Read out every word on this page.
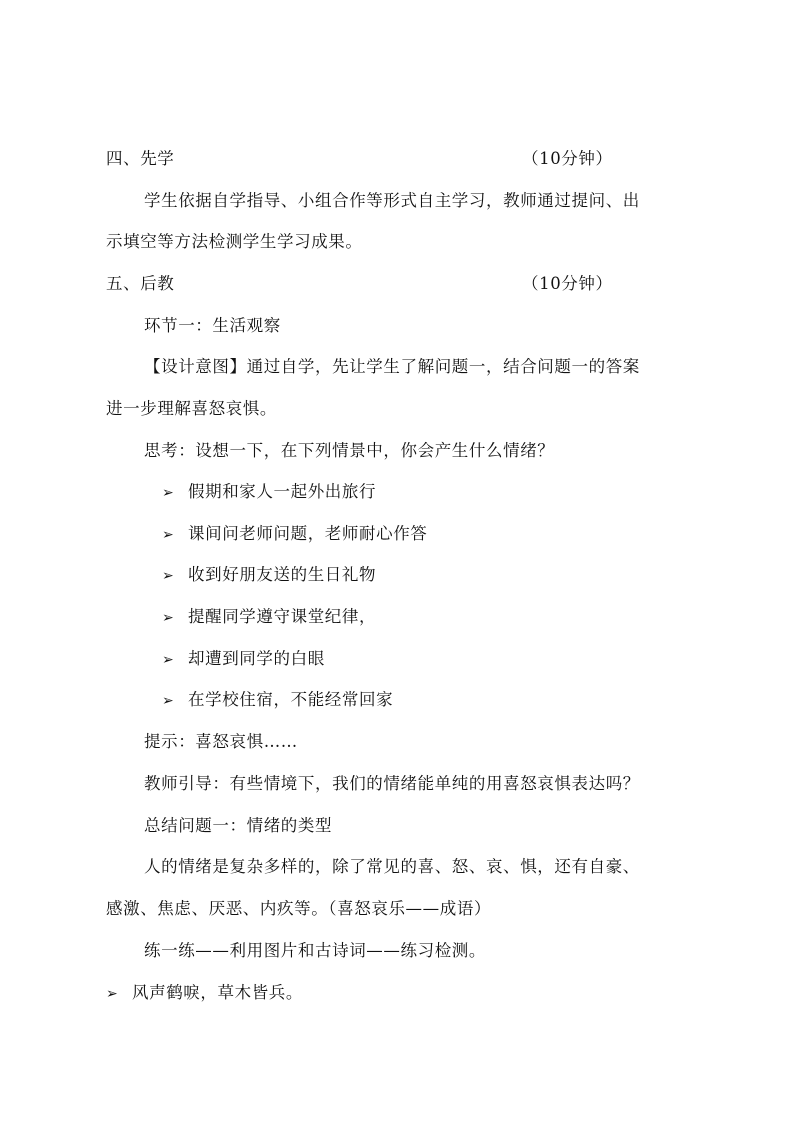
四、先学	（10分钟）
学生依据自学指导、小组合作等形式自主学习，教师通过提问、出
示填空等方法检测学生学习成果。
五、后教	（10分钟）
环节一：生活观察
【设计意图】通过自学，先让学生了解问题一，结合问题一的答案
进一步理解喜怒哀惧。
思考：设想一下，在下列情景中，你会产生什么情绪？
➢ 假期和家人一起外出旅行
➢ 课间问老师问题，老师耐心作答
➢ 收到好朋友送的生日礼物
➢ 提醒同学遵守课堂纪律，
➢ 却遭到同学的白眼
➢ 在学校住宿，不能经常回家
提示：喜怒哀惧……
教师引导：有些情境下，我们的情绪能单纯的用喜怒哀惧表达吗？
总结问题一：情绪的类型
人的情绪是复杂多样的，除了常见的喜、怒、哀、惧，还有自豪、
感激、焦虑、厌恶、内疚等。（喜怒哀乐——成语）
练一练——利用图片和古诗词——练习检测。
➢ 风声鹤唳，草木皆兵。
